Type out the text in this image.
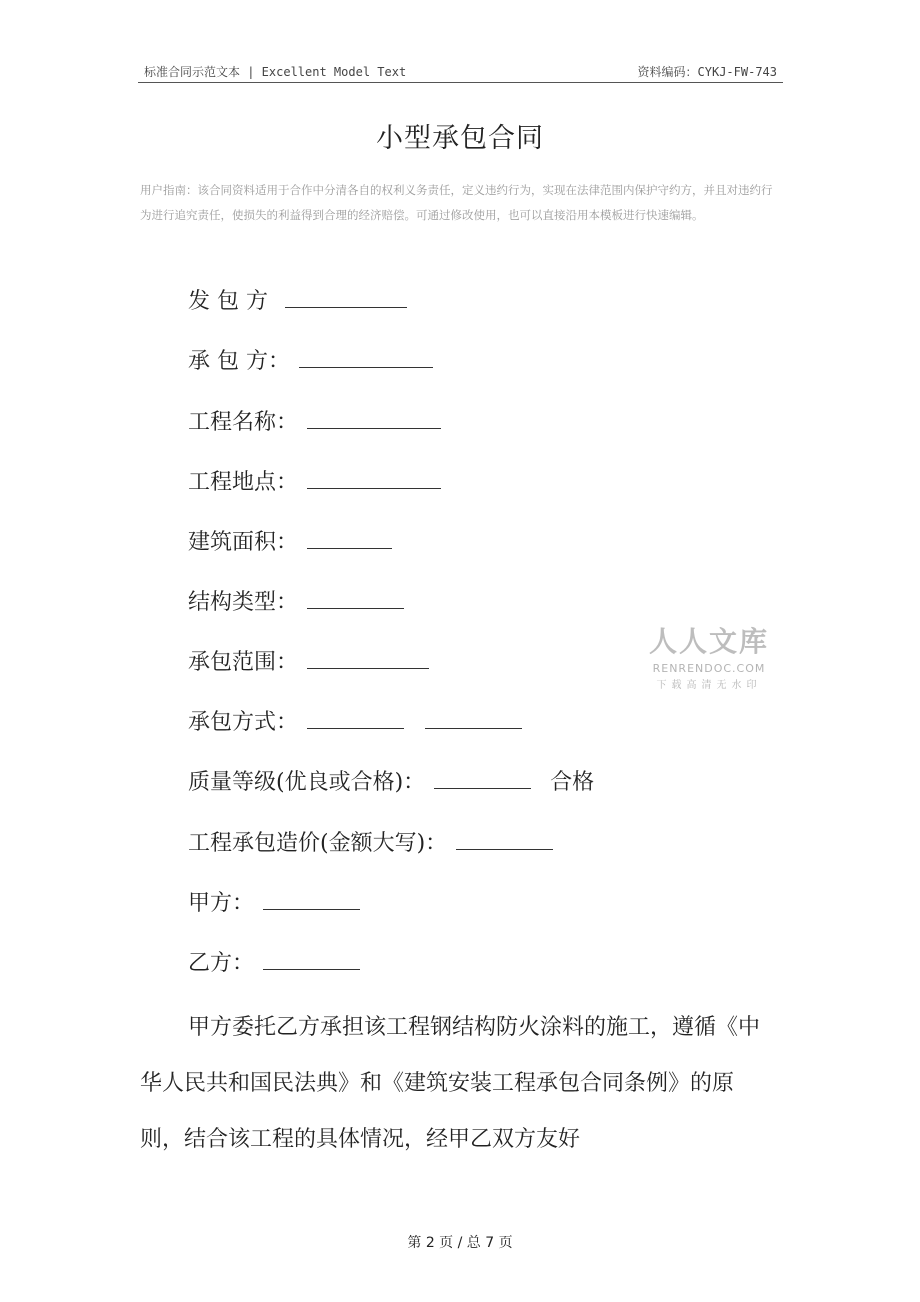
标准合同示范文本 | Excellent Model Text	资料编码：CYKJ-FW-743
小型承包合同
用户指南：该合同资料适用于合作中分清各自的权利义务责任，定义违约行为，实现在法律范围内保护守约方，并且对违约行为进行追究责任，使损失的利益得到合理的经济赔偿。可通过修改使用，也可以直接沿用本模板进行快速编辑。
发 包 方
承 包 方：
工程名称：
工程地点：
建筑面积：
结构类型：
承包范围：
承包方式：
质量等级(优良或合格)：	合格
工程承包造价(金额大写)：
甲方：
乙方：
甲方委托乙方承担该工程钢结构防火涂料的施工，遵循《中华人民共和国民法典》和《建筑安装工程承包合同条例》的原则，结合该工程的具体情况，经甲乙双方友好
人人文库
RENRENDOC.COM
下载高清无水印
第 2 页 / 总 7 页
